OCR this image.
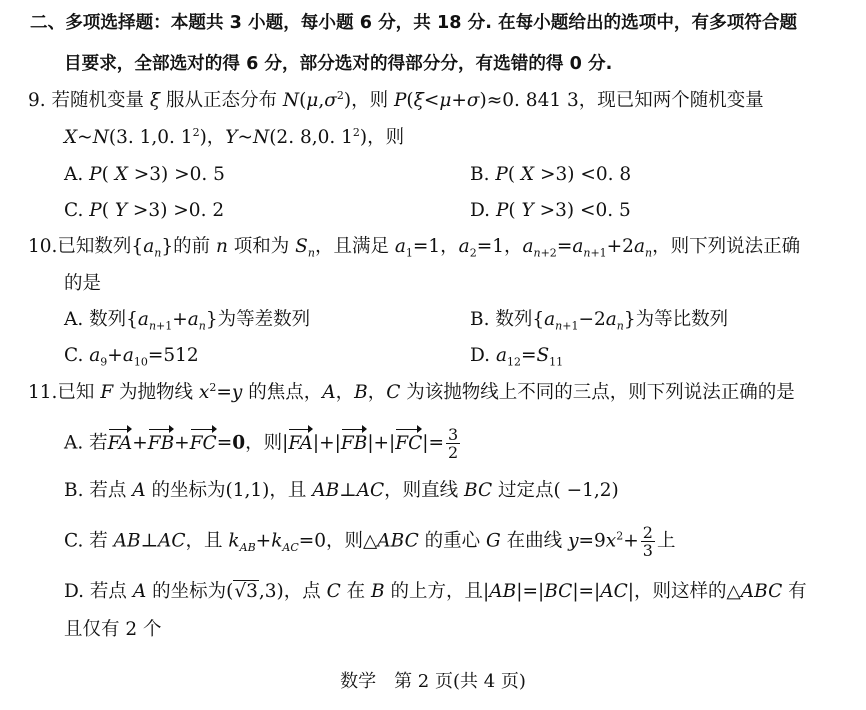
二、多项选择题：本题共 3 小题，每小题 6 分，共 18 分. 在每小题给出的选项中，有多项符合题
目要求，全部选对的得 6 分，部分选对的得部分分，有选错的得 0 分.
9. 若随机变量 ξ 服从正态分布 $N(\mu,\sigma^2)$，则 P(ξ<μ+σ)≈0. 841 3，现已知两个随机变量
X~N(3. 1,0. $1^2$)，Y~N(2. 8,0. $1^2$)，则
A. P( X >3) >0. 5	B. P( X >3) <0. 8
C. P( Y >3) >0. 2	D. P( Y >3) <0. 5
10.已知数列$\{a_n\}$的前 n 项和为 $S_n$，且满足 $a_1=1$，$a_2=1$，$a_{n+2}=a_{n+1}+2a_n$，则下列说法正确
的是
A. 数列$\{a_{n+1}+a_n\}$为等差数列	B. 数列$\{a_{n+1}-2a_n\}$为等比数列
C. $a_9+a_{10}=512$	D. $a_{12}=S_{11}$
11.已知 F 为抛物线 $x^2=y$ 的焦点，A，B，C 为该抛物线上不同的三点，则下列说法正确的是
A. 若FA+FB+FC=0，则$|FA|+|FB|+|FC|= \frac{3}{2}$
B. 若点 A 的坐标为(1,1)，且 AB⊥AC，则直线 BC 过定点( −1,2)
C. 若 AB⊥AC，且 $k_{AB}+k_{AC}=0$，则△ABC 的重心 G 在曲线 $y=9x^2+ \frac{2}{3}$ 上
D. 若点 A 的坐标为(√3,3)，点 C 在 B 的上方，且|AB|=|BC|=|AC|，则这样的△ABC 有
且仅有 2 个
数学　第 2 页(共 4 页)
